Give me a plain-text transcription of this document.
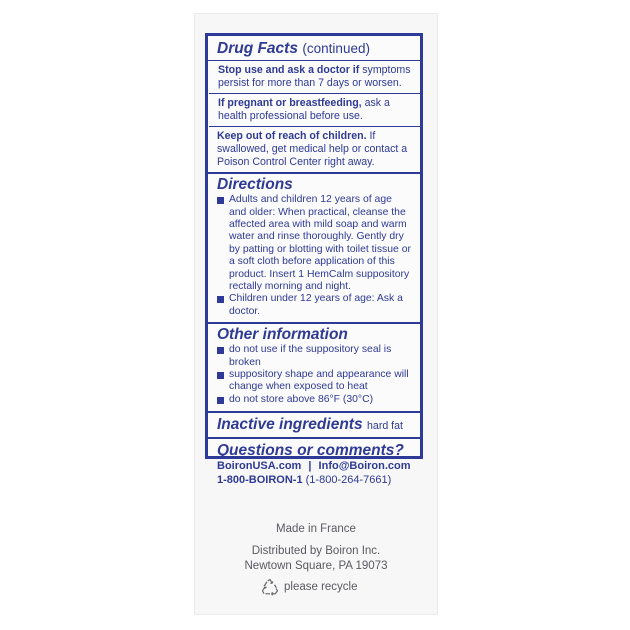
Drug Facts (continued)
Stop use and ask a doctor if symptoms persist for more than 7 days or worsen.
If pregnant or breastfeeding, ask a health professional before use.
Keep out of reach of children. If swallowed, get medical help or contact a Poison Control Center right away.
Directions
Adults and children 12 years of age and older: When practical, cleanse the affected area with mild soap and warm water and rinse thoroughly. Gently dry by patting or blotting with toilet tissue or a soft cloth before application of this product. Insert 1 HemCalm suppository rectally morning and night.
Children under 12 years of age: Ask a doctor.
Other information
do not use if the suppository seal is broken
suppository shape and appearance will change when exposed to heat
do not store above 86°F (30°C)
Inactive ingredients hard fat
Questions or comments?
BoironUSA.com | Info@Boiron.com
1-800-BOIRON-1 (1-800-264-7661)
Made in France
Distributed by Boiron Inc.
Newtown Square, PA 19073
please recycle
